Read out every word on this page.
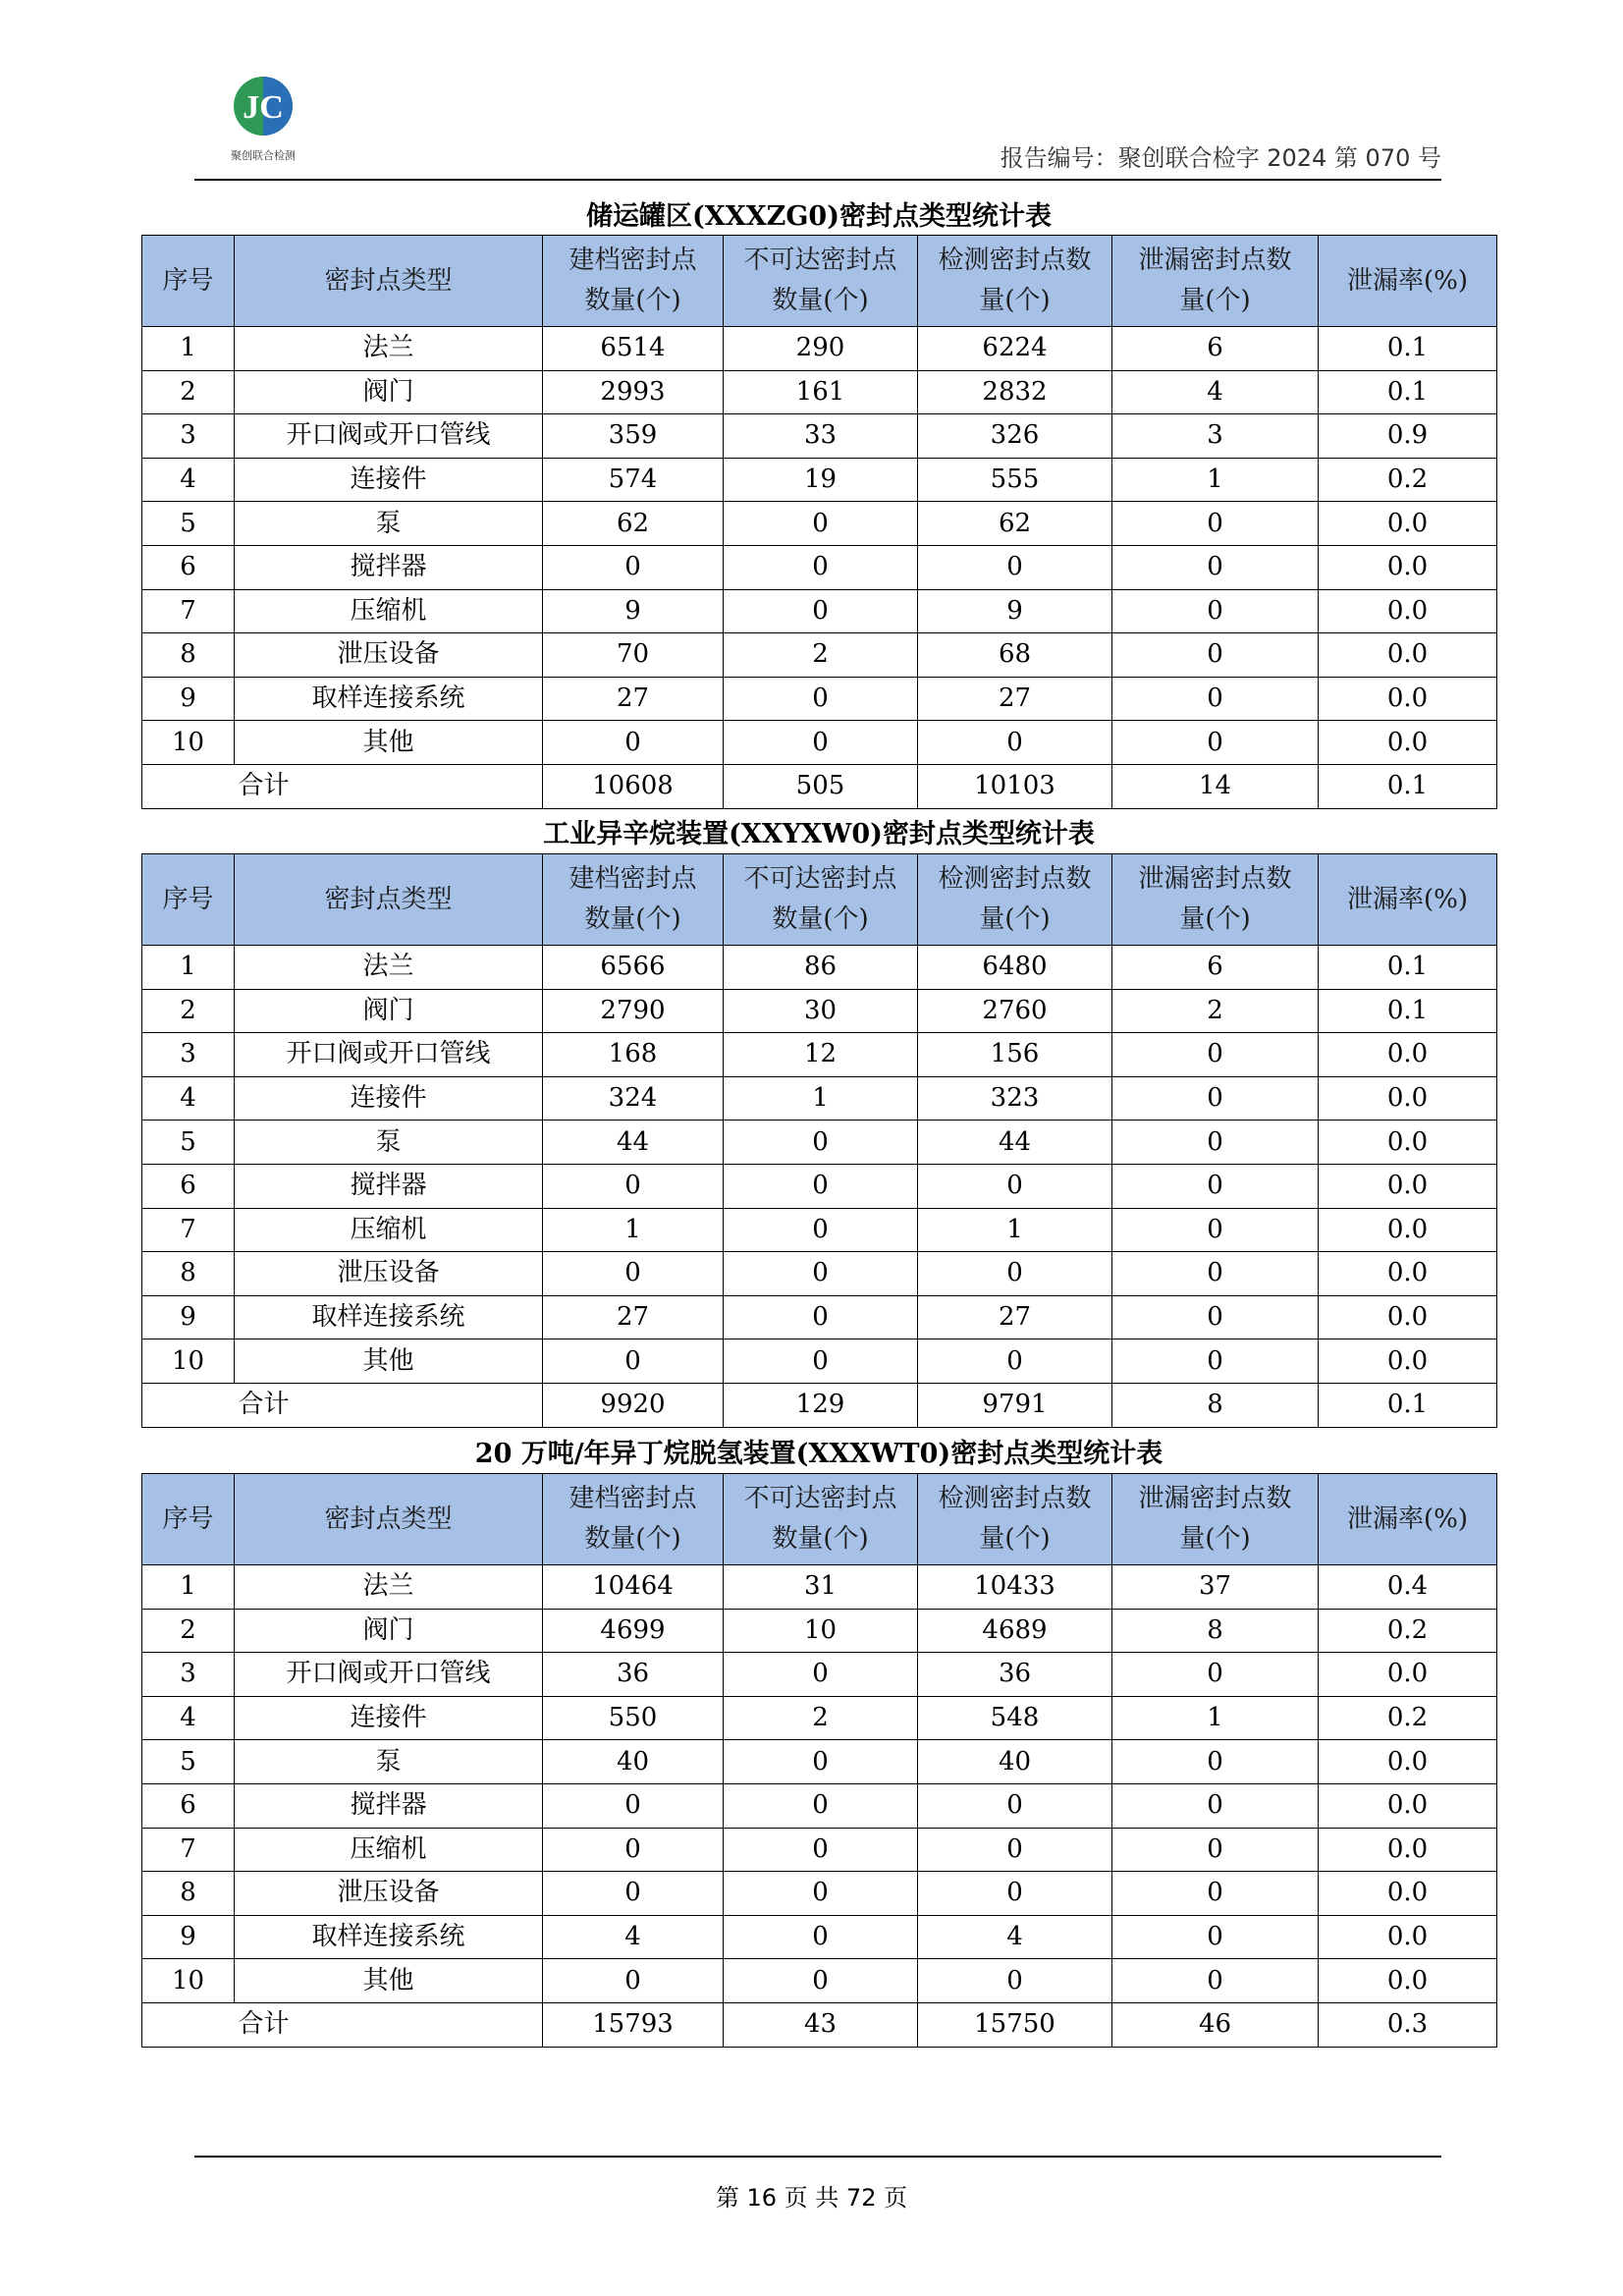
JC
聚创联合检测	报告编号：聚创联合检字 2024 第 070 号
储运罐区(XXXZG0)密封点类型统计表
序号	密封点类型	建档密封点数量(个)	不可达密封点数量(个)	检测密封点数量(个)	泄漏密封点数量(个)	泄漏率(%)
1	法兰	6514	290	6224	6	0.1
2	阀门	2993	161	2832	4	0.1
3	开口阀或开口管线	359	33	326	3	0.9
4	连接件	574	19	555	1	0.2
5	泵	62	0	62	0	0.0
6	搅拌器	0	0	0	0	0.0
7	压缩机	9	0	9	0	0.0
8	泄压设备	70	2	68	0	0.0
9	取样连接系统	27	0	27	0	0.0
10	其他	0	0	0	0	0.0
合计		10608	505	10103	14	0.1
工业异辛烷装置(XXYXW0)密封点类型统计表
序号	密封点类型	建档密封点数量(个)	不可达密封点数量(个)	检测密封点数量(个)	泄漏密封点数量(个)	泄漏率(%)
1	法兰	6566	86	6480	6	0.1
2	阀门	2790	30	2760	2	0.1
3	开口阀或开口管线	168	12	156	0	0.0
4	连接件	324	1	323	0	0.0
5	泵	44	0	44	0	0.0
6	搅拌器	0	0	0	0	0.0
7	压缩机	1	0	1	0	0.0
8	泄压设备	0	0	0	0	0.0
9	取样连接系统	27	0	27	0	0.0
10	其他	0	0	0	0	0.0
合计		9920	129	9791	8	0.1
20 万吨/年异丁烷脱氢装置(XXXWT0)密封点类型统计表
序号	密封点类型	建档密封点数量(个)	不可达密封点数量(个)	检测密封点数量(个)	泄漏密封点数量(个)	泄漏率(%)
1	法兰	10464	31	10433	37	0.4
2	阀门	4699	10	4689	8	0.2
3	开口阀或开口管线	36	0	36	0	0.0
4	连接件	550	2	548	1	0.2
5	泵	40	0	40	0	0.0
6	搅拌器	0	0	0	0	0.0
7	压缩机	0	0	0	0	0.0
8	泄压设备	0	0	0	0	0.0
9	取样连接系统	4	0	4	0	0.0
10	其他	0	0	0	0	0.0
合计		15793	43	15750	46	0.3
第 16 页 共 72 页
